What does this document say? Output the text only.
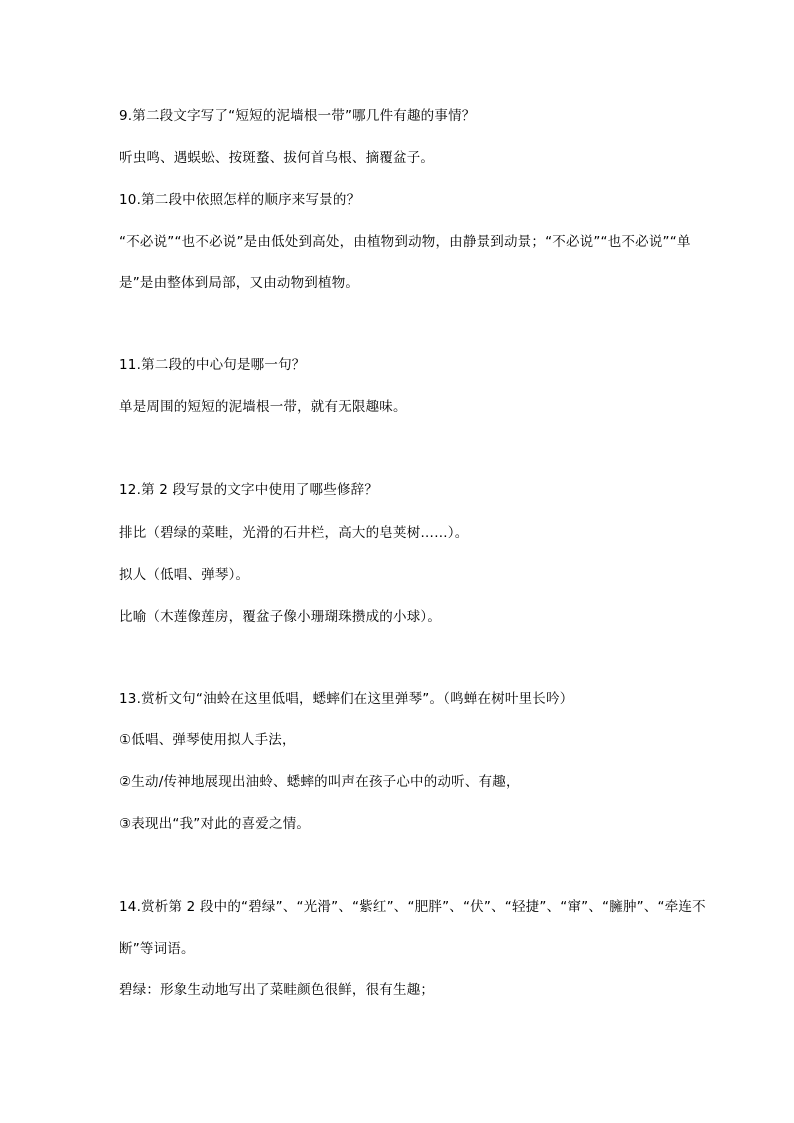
9.第二段文字写了“短短的泥墙根一带”哪几件有趣的事情？
听虫鸣、遇蜈蚣、按斑蝥、拔何首乌根、摘覆盆子。
10.第二段中依照怎样的顺序来写景的？
“不必说”“也不必说”是由低处到高处，由植物到动物，由静景到动景；“不必说”“也不必说”“单
是”是由整体到局部，又由动物到植物。
11.第二段的中心句是哪一句？
单是周围的短短的泥墙根一带，就有无限趣味。
12.第 2 段写景的文字中使用了哪些修辞？
排比（碧绿的菜畦，光滑的石井栏，高大的皂荚树……）。
拟人（低唱、弹琴）。
比喻（木莲像莲房，覆盆子像小珊瑚珠攒成的小球）。
13.赏析文句“油蛉在这里低唱，蟋蟀们在这里弹琴”。（鸣蝉在树叶里长吟）
①低唱、弹琴使用拟人手法，
②生动/传神地展现出油蛉、蟋蟀的叫声在孩子心中的动听、有趣，
③表现出“我”对此的喜爱之情。
14.赏析第 2 段中的“碧绿”、“光滑”、“紫红”、“肥胖”、“伏”、“轻捷”、“窜”、“臃肿”、“牵连不
断”等词语。
碧绿：形象生动地写出了菜畦颜色很鲜，很有生趣；
